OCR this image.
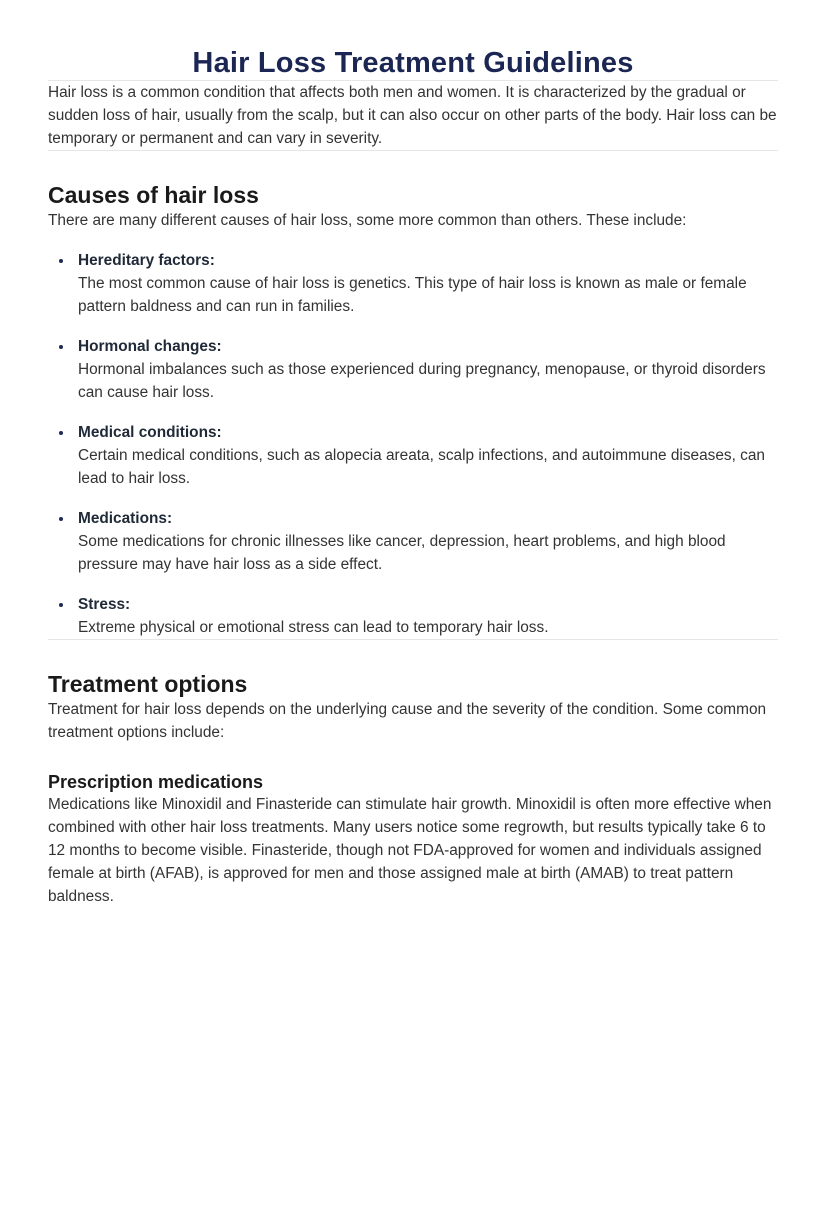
Hair Loss Treatment Guidelines

Hair loss is a common condition that affects both men and women. It is characterized by the gradual or sudden loss of hair, usually from the scalp, but it can also occur on other parts of the body. Hair loss can be temporary or permanent and can vary in severity.

Causes of hair loss

There are many different causes of hair loss, some more common than others. These include:

• Hereditary factors:
The most common cause of hair loss is genetics. This type of hair loss is known as male or female pattern baldness and can run in families.
• Hormonal changes:
Hormonal imbalances such as those experienced during pregnancy, menopause, or thyroid disorders can cause hair loss.
• Medical conditions:
Certain medical conditions, such as alopecia areata, scalp infections, and autoimmune diseases, can lead to hair loss.
• Medications:
Some medications for chronic illnesses like cancer, depression, heart problems, and high blood pressure may have hair loss as a side effect.
• Stress:
Extreme physical or emotional stress can lead to temporary hair loss.
Treatment options

Treatment for hair loss depends on the underlying cause and the severity of the condition. Some common treatment options include:

Prescription medications

Medications like Minoxidil and Finasteride can stimulate hair growth. Minoxidil is often more effective when combined with other hair loss treatments. Many users notice some regrowth, but results typically take 6 to 12 months to become visible. Finasteride, though not FDA-approved for women and individuals assigned female at birth (AFAB), is approved for men and those assigned male at birth (AMAB) to treat pattern baldness.
